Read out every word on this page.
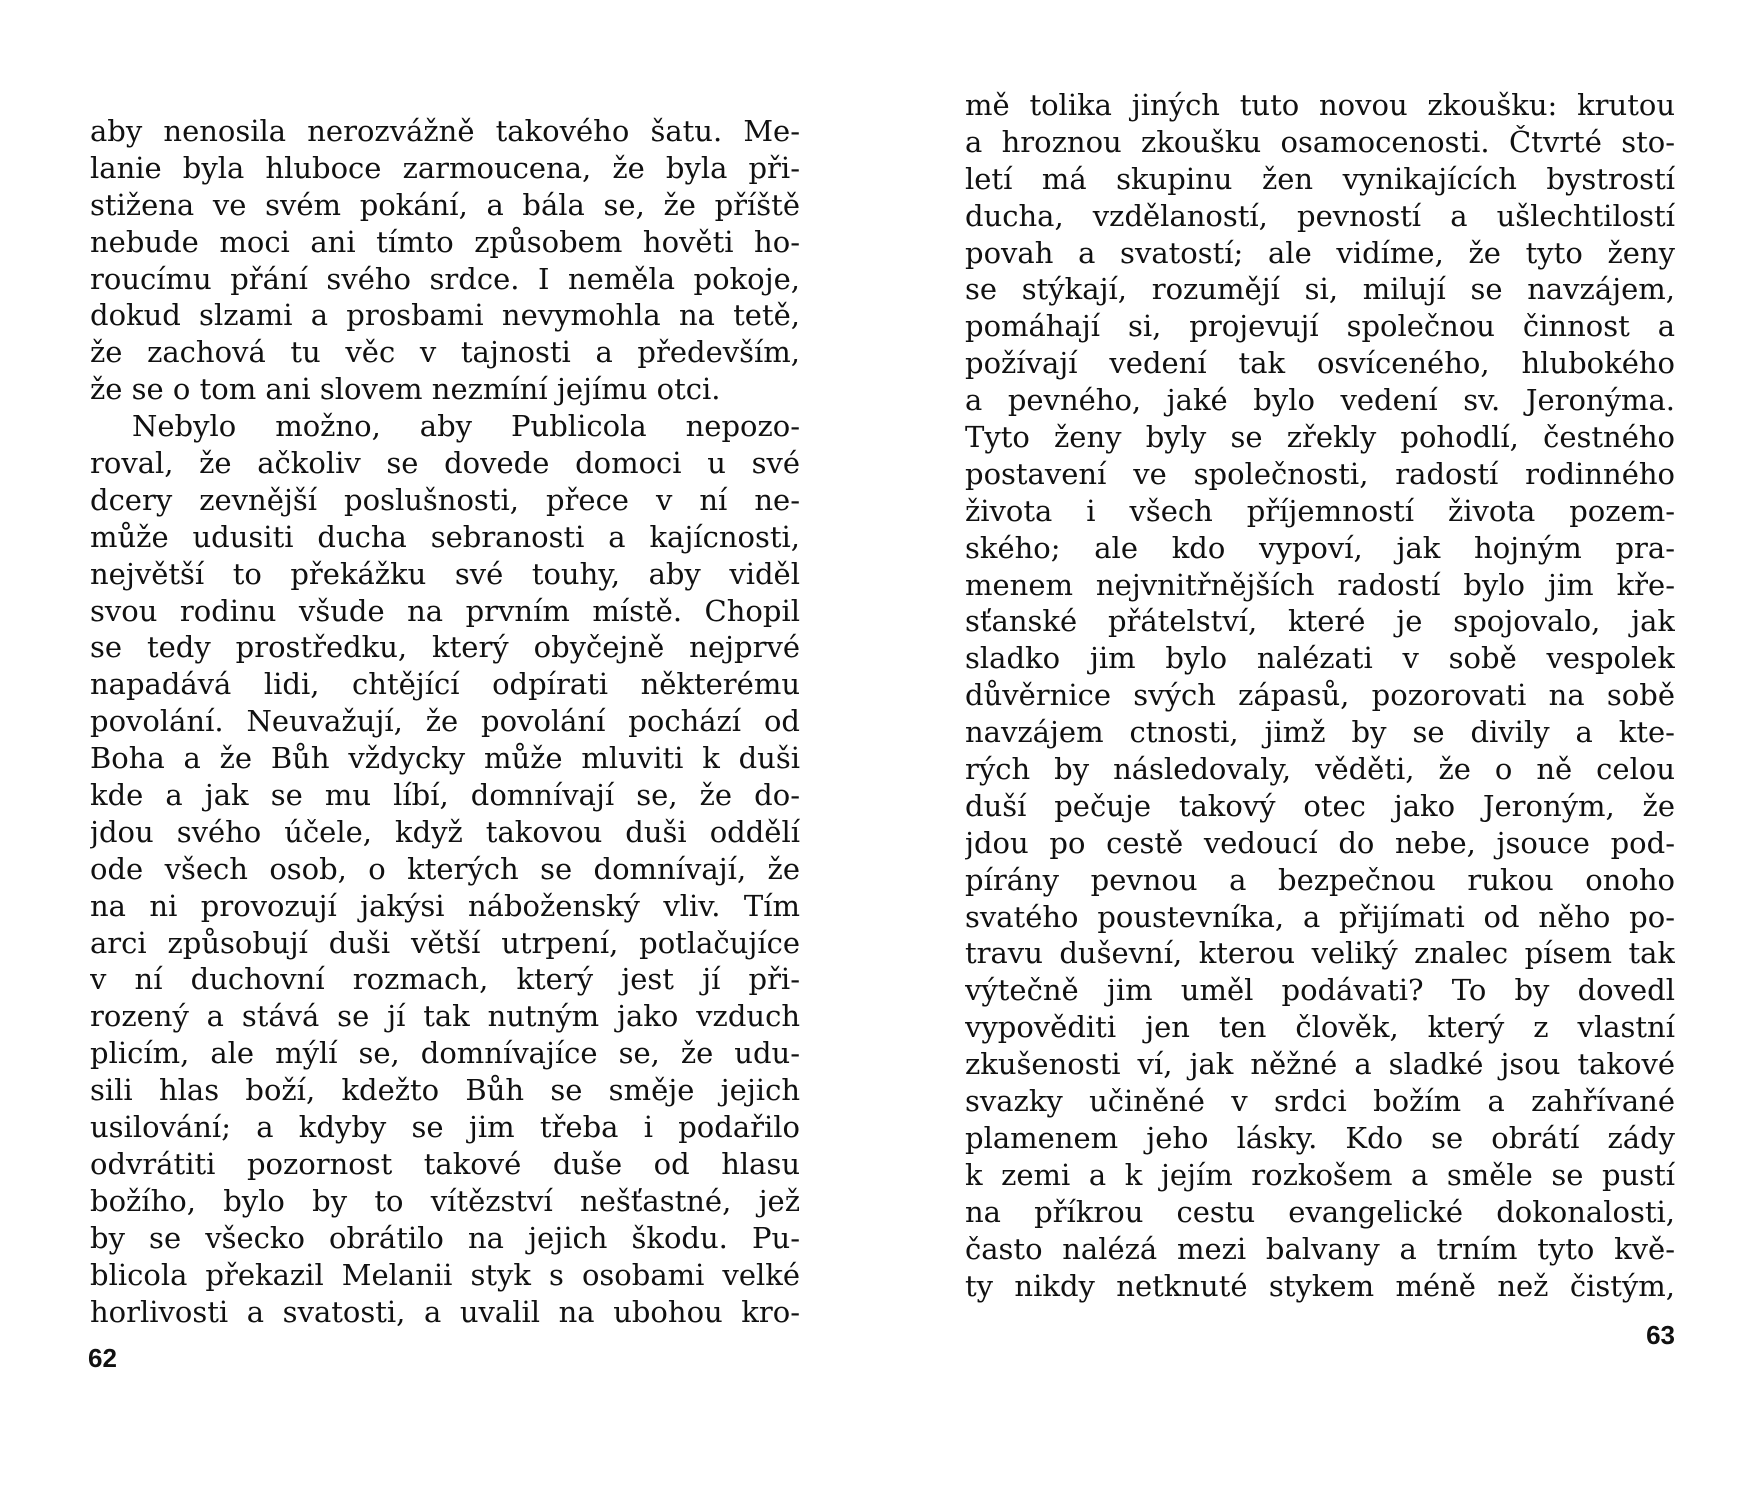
aby nenosila nerozvážně takového šatu. Me-
lanie byla hluboce zarmoucena, že byla při-
stižena ve svém pokání, a bála se, že příště
nebude moci ani tímto způsobem hověti ho-
roucímu přání svého srdce. I neměla pokoje,
dokud slzami a prosbami nevymohla na tetě,
že zachová tu věc v tajnosti a především,
že se o tom ani slovem nezmíní jejímu otci.
Nebylo možno, aby Publicola nepozo-
roval, že ačkoliv se dovede domoci u své
dcery zevnější poslušnosti, přece v ní ne-
může udusiti ducha sebranosti a kajícnosti,
největší to překážku své touhy, aby viděl
svou rodinu všude na prvním místě. Chopil
se tedy prostředku, který obyčejně nejprvé
napadává lidi, chtějící odpírati některému
povolání. Neuvažují, že povolání pochází od
Boha a že Bůh vždycky může mluviti k duši
kde a jak se mu líbí, domnívají se, že do-
jdou svého účele, když takovou duši oddělí
ode všech osob, o kterých se domnívají, že
na ni provozují jakýsi náboženský vliv. Tím
arci způsobují duši větší utrpení, potlačujíce
v ní duchovní rozmach, který jest jí při-
rozený a stává se jí tak nutným jako vzduch
plicím, ale mýlí se, domnívajíce se, že udu-
sili hlas boží, kdežto Bůh se směje jejich
usilování; a kdyby se jim třeba i podařilo
odvrátiti pozornost takové duše od hlasu
božího, bylo by to vítězství nešťastné, jež
by se všecko obrátilo na jejich škodu. Pu-
blicola překazil Melanii styk s osobami velké
horlivosti a svatosti, a uvalil na ubohou kro-
62
mě tolika jiných tuto novou zkoušku: krutou
a hroznou zkoušku osamocenosti. Čtvrté sto-
letí má skupinu žen vynikajících bystrostí
ducha, vzdělaností, pevností a ušlechtilostí
povah a svatostí; ale vidíme, že tyto ženy
se stýkají, rozumějí si, milují se navzájem,
pomáhají si, projevují společnou činnost a
požívají vedení tak osvíceného, hlubokého
a pevného, jaké bylo vedení sv. Jeronýma.
Tyto ženy byly se zřekly pohodlí, čestného
postavení ve společnosti, radostí rodinného
života i všech příjemností života pozem-
ského; ale kdo vypoví, jak hojným pra-
menem nejvnitřnějších radostí bylo jim kře-
sťanské přátelství, které je spojovalo, jak
sladko jim bylo nalézati v sobě vespolek
důvěrnice svých zápasů, pozorovati na sobě
navzájem ctnosti, jimž by se divily a kte-
rých by následovaly, věděti, že o ně celou
duší pečuje takový otec jako Jeroným, že
jdou po cestě vedoucí do nebe, jsouce pod-
pírány pevnou a bezpečnou rukou onoho
svatého poustevníka, a přijímati od něho po-
travu duševní, kterou veliký znalec písem tak
výtečně jim uměl podávati? To by dovedl
vypověditi jen ten člověk, který z vlastní
zkušenosti ví, jak něžné a sladké jsou takové
svazky učiněné v srdci božím a zahřívané
plamenem jeho lásky. Kdo se obrátí zády
k zemi a k jejím rozkošem a směle se pustí
na příkrou cestu evangelické dokonalosti,
často nalézá mezi balvany a trním tyto kvě-
ty nikdy netknuté stykem méně než čistým,
63
